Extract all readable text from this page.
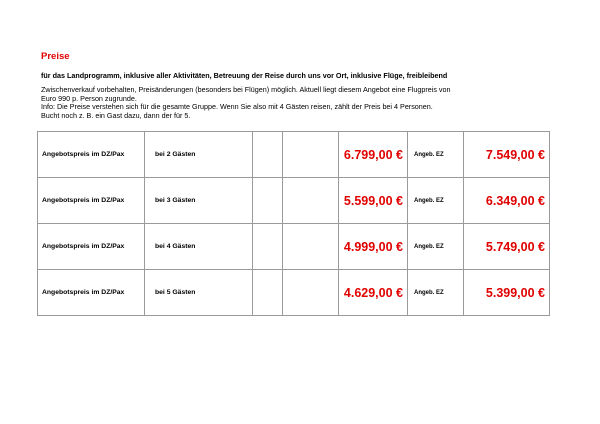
Preise
für das Landprogramm, inklusive aller Aktivitäten, Betreuung der Reise durch uns vor Ort, inklusive Flüge, freibleibend
Zwischenverkauf vorbehalten, Preisänderungen (besonders bei Flügen) möglich. Aktuell liegt diesem Angebot eine Flugpreis von
Euro 990 p. Person zugrunde.
Info: Die Preise verstehen sich für die gesamte Gruppe. Wenn Sie also mit 4 Gästen reisen, zählt der Preis bei 4 Personen.
Bucht noch z. B. ein Gast dazu, dann der für 5.
Angebotspreis im DZ/Pax	bei 2 Gästen			6.799,00 €	Angeb. EZ	7.549,00 €
Angebotspreis im DZ/Pax	bei 3 Gästen			5.599,00 €	Angeb. EZ	6.349,00 €
Angebotspreis im DZ/Pax	bei 4 Gästen			4.999,00 €	Angeb. EZ	5.749,00 €
Angebotspreis im DZ/Pax	bei 5 Gästen			4.629,00 €	Angeb. EZ	5.399,00 €
